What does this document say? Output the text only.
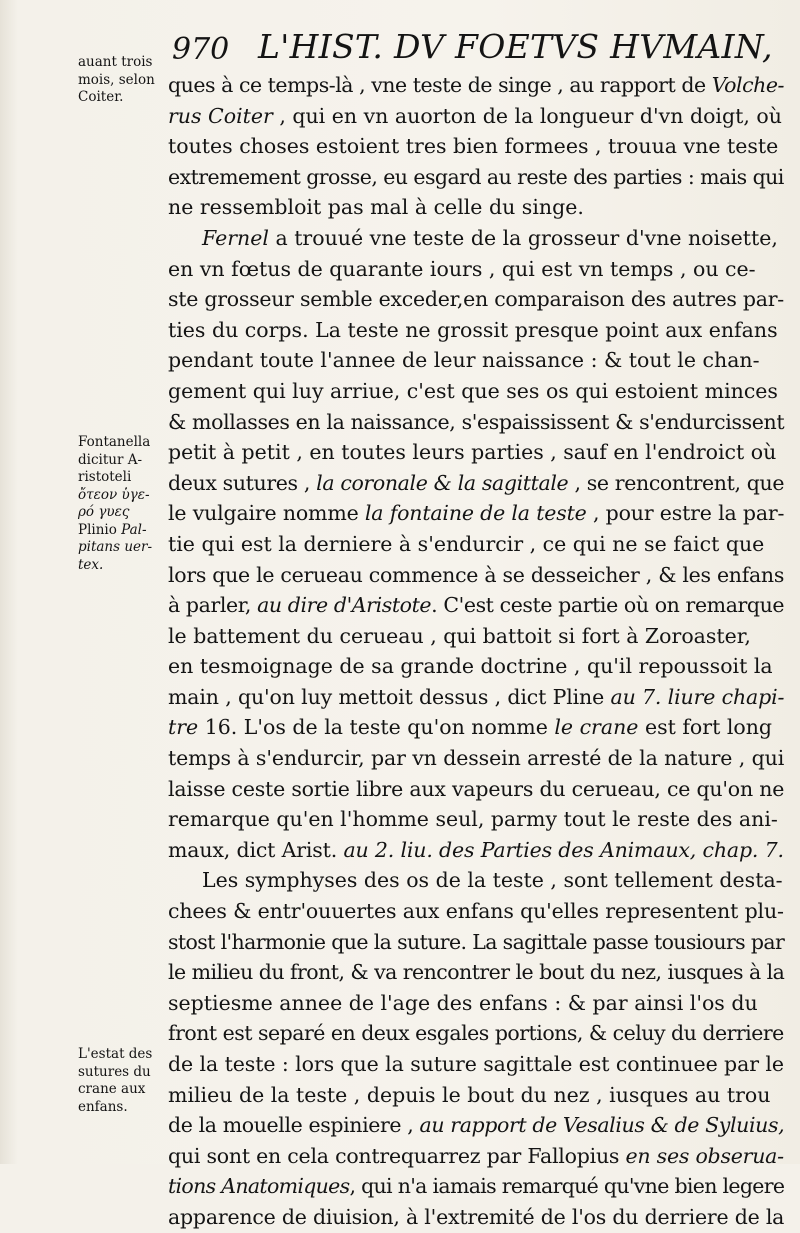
970 L'HIST. DV FOETVS HVMAIN,
auant trois
mois, selon
Coiter.
Fontanella
dicitur A-
ristoteli
ὄτεον ὑγε-
ρό γυες
Plinio Pal-
pitans uer-
tex.
L'estat des
sutures du
crane aux
enfans.
ques à ce temps-là , vne teste de singe , au rapport de Volche-
rus Coiter , qui en vn auorton de la longueur d'vn doigt, où
toutes choses estoient tres bien formees , trouua vne teste
extremement grosse, eu esgard au reste des parties : mais qui
ne ressembloit pas mal à celle du singe.
Fernel a trouué vne teste de la grosseur d'vne noisette,
en vn fœtus de quarante iours , qui est vn temps , ou ce-
ste grosseur semble exceder,en comparaison des autres par-
ties du corps. La teste ne grossit presque point aux enfans
pendant toute l'annee de leur naissance : & tout le chan-
gement qui luy arriue, c'est que ses os qui estoient minces
& mollasses en la naissance, s'espaississent & s'endurcissent
petit à petit , en toutes leurs parties , sauf en l'endroict où
deux sutures , la coronale & la sagittale , se rencontrent, que
le vulgaire nomme la fontaine de la teste , pour estre la par-
tie qui est la derniere à s'endurcir , ce qui ne se faict que
lors que le cerueau commence à se desseicher , & les enfans
à parler, au dire d'Aristote. C'est ceste partie où on remarque
le battement du cerueau , qui battoit si fort à Zoroaster,
en tesmoignage de sa grande doctrine , qu'il repoussoit la
main , qu'on luy mettoit dessus , dict Pline au 7. liure chapi-
tre 16. L'os de la teste qu'on nomme le crane est fort long
temps à s'endurcir, par vn dessein arresté de la nature , qui
laisse ceste sortie libre aux vapeurs du cerueau, ce qu'on ne
remarque qu'en l'homme seul, parmy tout le reste des ani-
maux, dict Arist. au 2. liu. des Parties des Animaux, chap. 7.
Les symphyses des os de la teste , sont tellement desta-
chees & entr'ouuertes aux enfans qu'elles representent plu-
stost l'harmonie que la suture. La sagittale passe tousiours par
le milieu du front, & va rencontrer le bout du nez, iusques à la
septiesme annee de l'age des enfans : & par ainsi l'os du
front est separé en deux esgales portions, & celuy du derriere
de la teste : lors que la suture sagittale est continuee par le
milieu de la teste , depuis le bout du nez , iusques au trou
de la mouelle espiniere , au rapport de Vesalius & de Syluius,
qui sont en cela contrequarrez par Fallopius en ses obserua-
tions Anatomiques, qui n'a iamais remarqué qu'vne bien legere
apparence de diuision, à l'extremité de l'os du derriere de la
